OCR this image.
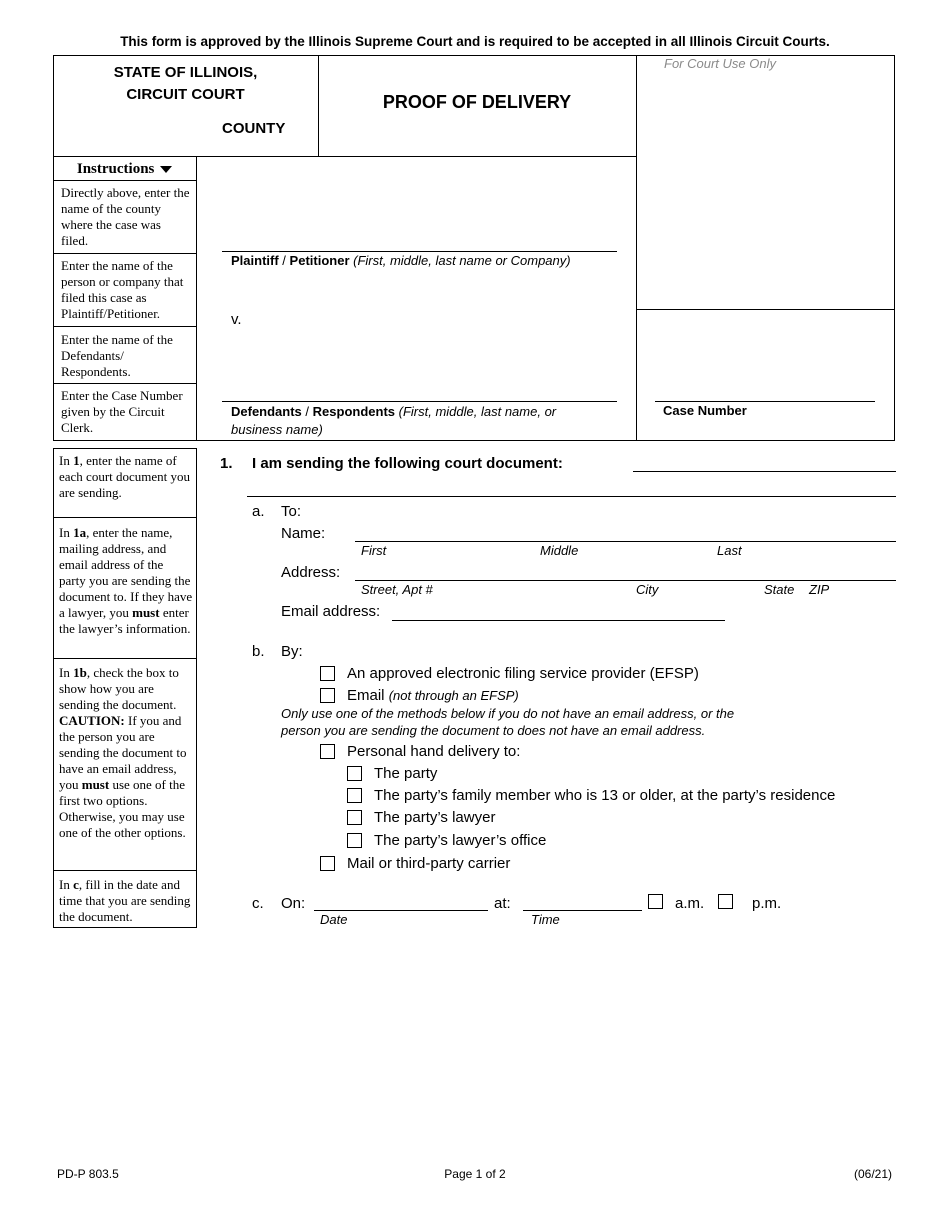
This form is approved by the Illinois Supreme Court and is required to be accepted in all Illinois Circuit Courts.
STATE OF ILLINOIS,
CIRCUIT COURT
COUNTY
PROOF OF DELIVERY
For Court Use Only
Instructions
Directly above, enter the name of the county where the case was filed.
Enter the name of the person or company that filed this case as Plaintiff/Petitioner.
Enter the name of the Defendants/ Respondents.
Enter the Case Number given by the Circuit Clerk.
Plaintiff / Petitioner (First, middle, last name or Company)
v.
Defendants / Respondents (First, middle, last name, or
business name)
Case Number
In 1, enter the name of each court document you are sending.
In 1a, enter the name, mailing address, and email address of the party you are sending the document to. If they have a lawyer, you must enter the lawyer’s information.
In 1b, check the box to show how you are sending the document.
CAUTION: If you and the person you are sending the document to have an email address, you must use one of the first two options. Otherwise, you may use one of the other options.
In c, fill in the date and time that you are sending the document.
1. I am sending the following court document:
a. To:
Name:
First	Middle	Last
Address:
Street, Apt #	City	State ZIP
Email address:
b. By:
An approved electronic filing service provider (EFSP)
Email (not through an EFSP)
Only use one of the methods below if you do not have an email address, or the
person you are sending the document to does not have an email address.
Personal hand delivery to:
The party
The party’s family member who is 13 or older, at the party’s residence
The party’s lawyer
The party’s lawyer’s office
Mail or third-party carrier
c. On:
Date
at:
Time
a.m.	p.m.
PD-P 803.5	Page 1 of 2	(06/21)
